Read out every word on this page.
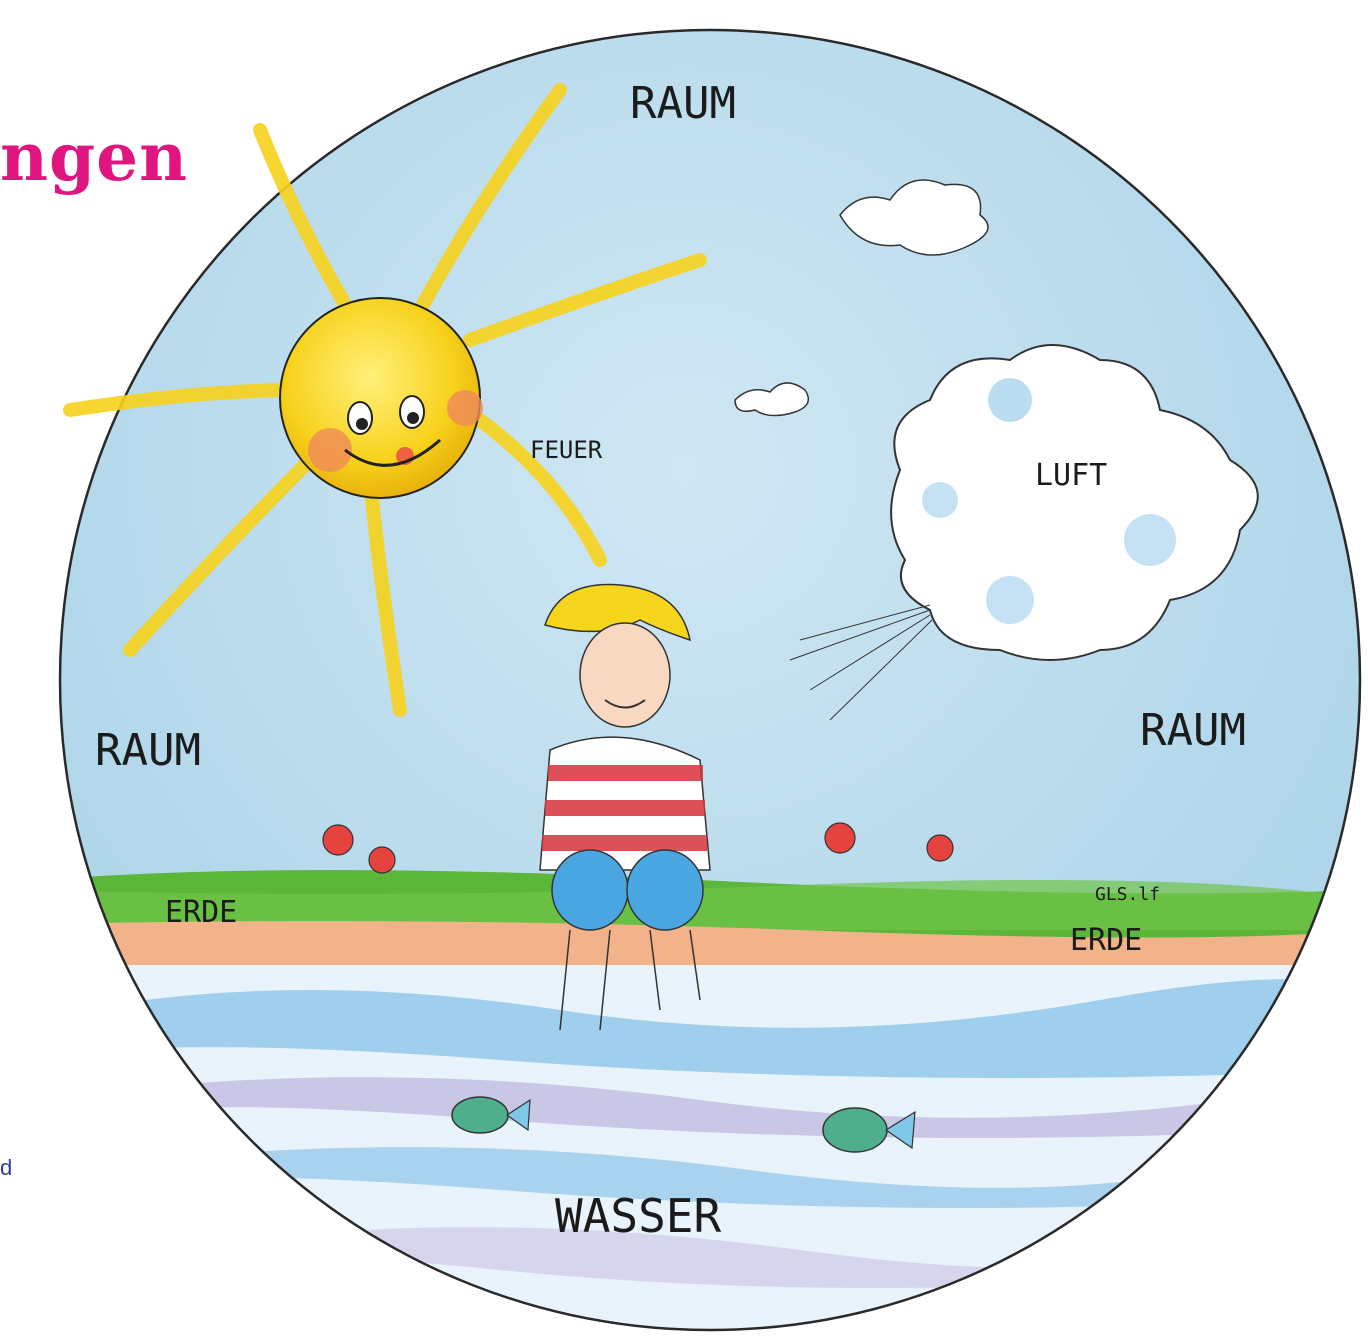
ngen
d
RAUM
RAUM	RAUM
FEUER
LUFT
ERDE
ERDE
WASSER
GLS.lf
